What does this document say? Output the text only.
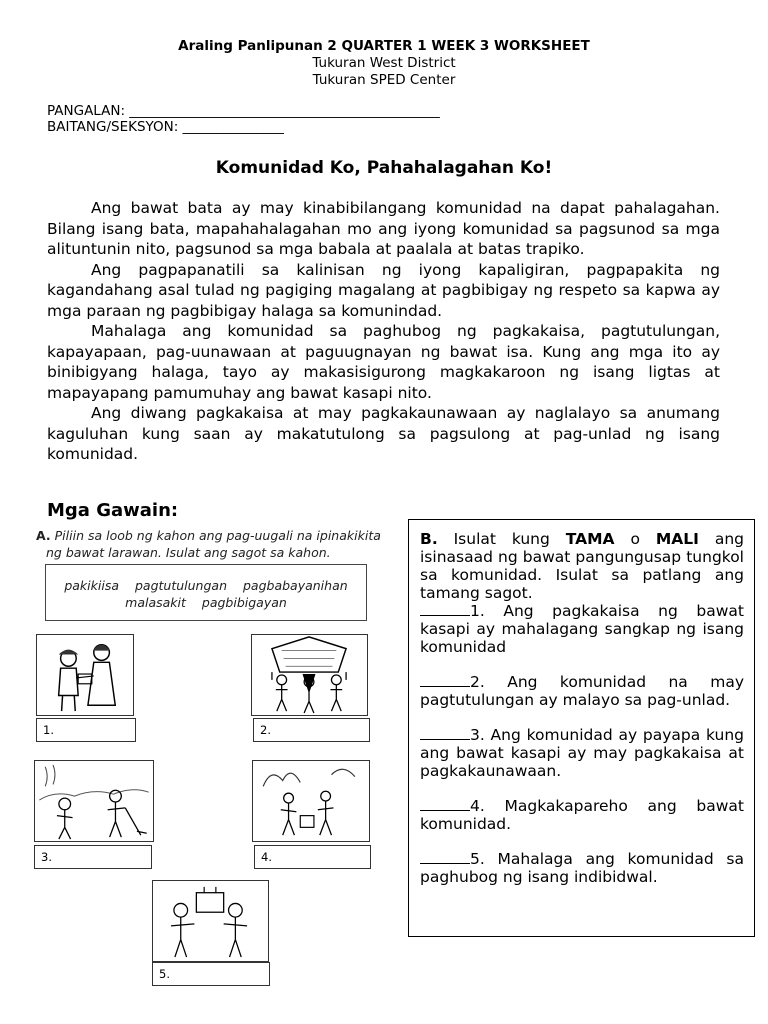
Araling Panlipunan 2 QUARTER 1 WEEK 3 WORKSHEET
Tukuran West District
Tukuran SPED Center
PANGALAN: ______________________________________________
BAITANG/SEKSYON: _______________
Komunidad Ko, Pahahalagahan Ko!

Ang bawat bata ay may kinabibilangang komunidad na dapat pahalagahan. Bilang isang bata, mapahahalagahan mo ang iyong komunidad sa pagsunod sa mga alituntunin nito, pagsunod sa mga babala at paalala at batas trapiko.

Ang pagpapanatili sa kalinisan ng iyong kapaligiran, pagpapakita ng kagandahang asal tulad ng pagiging magalang at pagbibigay ng respeto sa kapwa ay mga paraan ng pagbibigay halaga sa komunindad.

Mahalaga ang komunidad sa paghubog ng pagkakaisa, pagtutulungan, kapayapaan, pag-uunawaan at paguugnayan ng bawat isa. Kung ang mga ito ay binibigyang halaga, tayo ay makasisigurong magkakaroon ng isang ligtas at mapayapang pamumuhay ang bawat kasapi nito.

Ang diwang pagkakaisa at may pagkakaunawaan ay naglalayo sa anumang kaguluhan kung saan ay makatutulong sa pagsulong at pag-unlad ng isang komunidad.

Mga Gawain:
A. Piliin sa loob ng kahon ang pag-uugali na ipinakikita
ng bawat larawan. Isulat ang sagot sa kahon.
pakikiisa pagtutulungan pagbabayanihan
malasakit pagbibigayan
1.	2.
3.	4.
5.
B. Isulat kung TAMA o MALI ang isinasaad ng bawat pangungusap tungkol sa komunidad. Isulat sa patlang ang tamang sagot.
1. Ang pagkakaisa ng bawat kasapi ay mahalagang sangkap ng isang komunidad
2. Ang komunidad na may pagtutulungan ay malayo sa pag-unlad.
3. Ang komunidad ay payapa kung ang bawat kasapi ay may pagkakaisa at pagkakaunawaan.
4. Magkakapareho ang bawat komunidad.
5. Mahalaga ang komunidad sa paghubog ng isang indibidwal.
